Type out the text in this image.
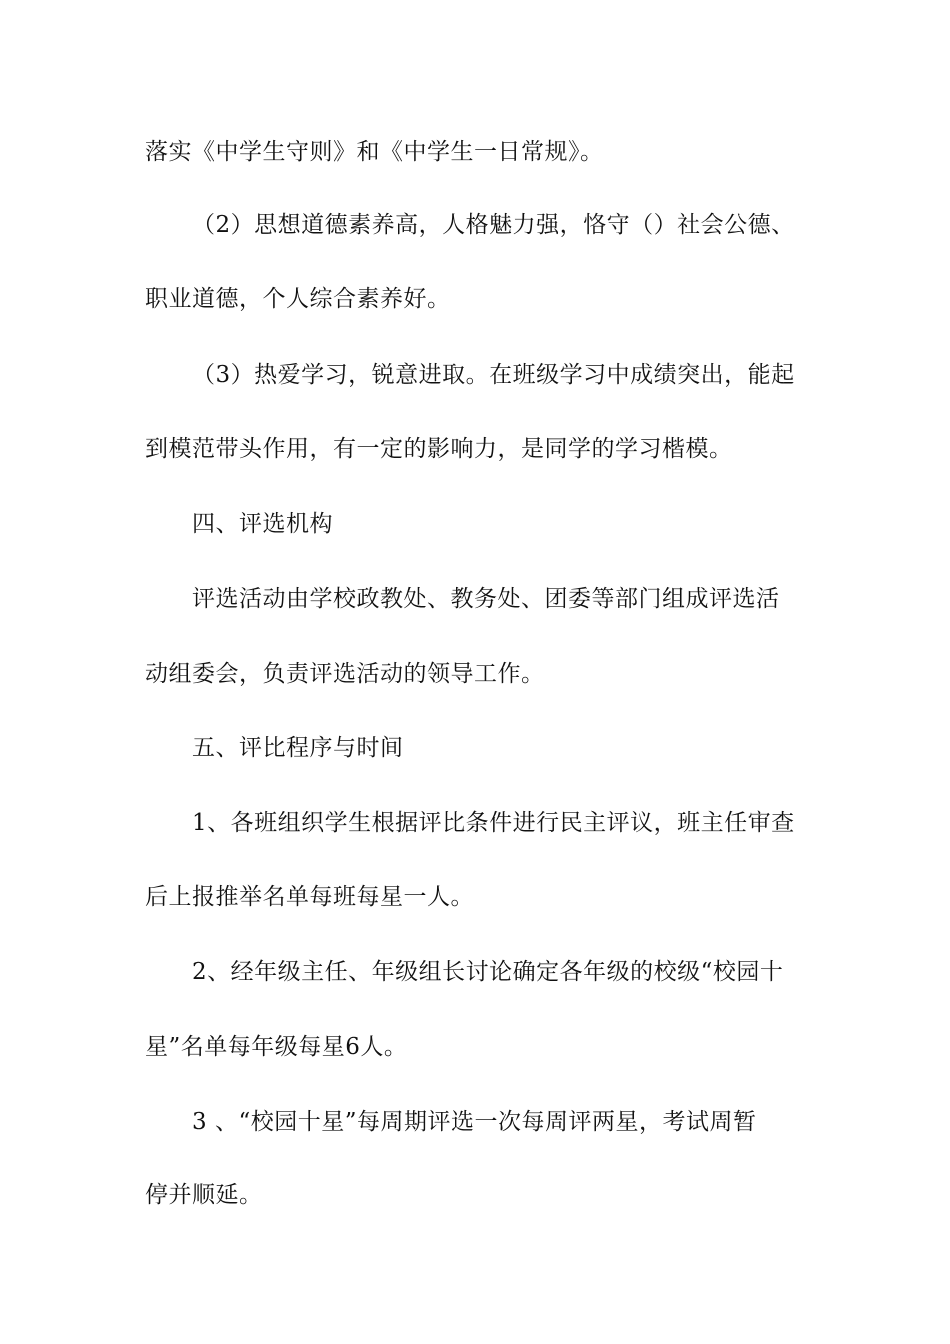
落实《中学生守则》和《中学生一日常规》。
（2）思想道德素养高，人格魅力强，恪守（）社会公德、
职业道德，个人综合素养好。
（3）热爱学习，锐意进取。在班级学习中成绩突出，能起
到模范带头作用，有一定的影响力，是同学的学习楷模。
四、评选机构
评选活动由学校政教处、教务处、团委等部门组成评选活
动组委会，负责评选活动的领导工作。
五、评比程序与时间
1、各班组织学生根据评比条件进行民主评议，班主任审查
后上报推举名单每班每星一人。
2、经年级主任、年级组长讨论确定各年级的校级“校园十
星”名单每年级每星6人。
3 、“校园十星”每周期评选一次每周评两星，考试周暂
停并顺延。
